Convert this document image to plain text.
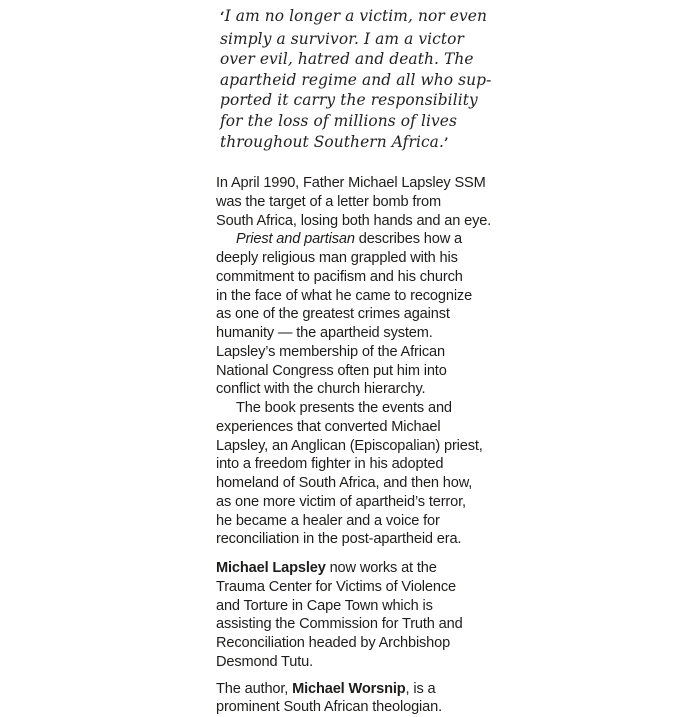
‘I am no longer a victim, nor even
simply a survivor. I am a victor
over evil, hatred and death. The
apartheid regime and all who sup-
ported it carry the responsibility
for the loss of millions of lives
throughout Southern Africa.’
In April 1990, Father Michael Lapsley SSM
was the target of a letter bomb from
South Africa, losing both hands and an eye.
Priest and partisan describes how a
deeply religious man grappled with his
commitment to pacifism and his church
in the face of what he came to recognize
as one of the greatest crimes against
humanity — the apartheid system.
Lapsley’s membership of the African
National Congress often put him into
conflict with the church hierarchy.
The book presents the events and
experiences that converted Michael
Lapsley, an Anglican (Episcopalian) priest,
into a freedom fighter in his adopted
homeland of South Africa, and then how,
as one more victim of apartheid’s terror,
he became a healer and a voice for
reconciliation in the post-apartheid era.
Michael Lapsley now works at the
Trauma Center for Victims of Violence
and Torture in Cape Town which is
assisting the Commission for Truth and
Reconciliation headed by Archbishop
Desmond Tutu.
The author, Michael Worsnip, is a
prominent South African theologian.
